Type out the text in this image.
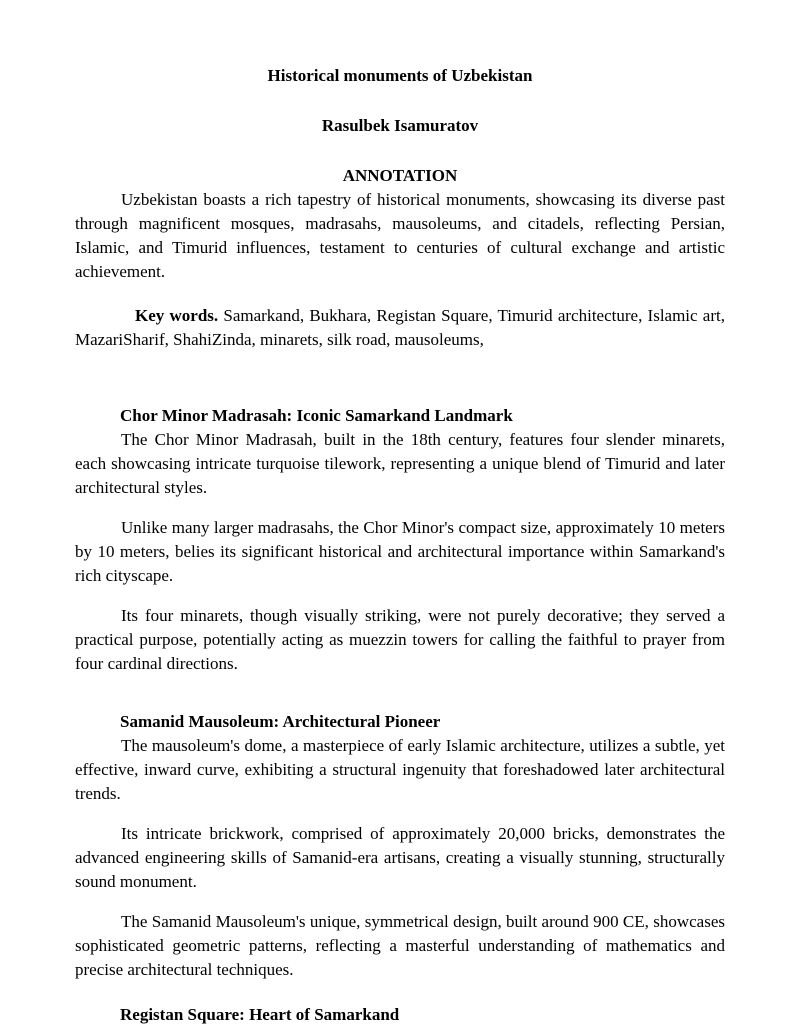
Historical monuments of Uzbekistan

Rasulbek Isamuratov

ANNOTATION

Uzbekistan boasts a rich tapestry of historical monuments, showcasing its diverse past through magnificent mosques, madrasahs, mausoleums, and citadels, reflecting Persian, Islamic, and Timurid influences, testament to centuries of cultural exchange and artistic achievement.

Key words. Samarkand, Bukhara, Registan Square, Timurid architecture, Islamic art, MazariSharif, ShahiZinda, minarets, silk road, mausoleums,

Chor Minor Madrasah: Iconic Samarkand Landmark

The Chor Minor Madrasah, built in the 18th century, features four slender minarets, each showcasing intricate turquoise tilework, representing a unique blend of Timurid and later architectural styles.

Unlike many larger madrasahs, the Chor Minor's compact size, approximately 10 meters by 10 meters, belies its significant historical and architectural importance within Samarkand's rich cityscape.

Its four minarets, though visually striking, were not purely decorative; they served a practical purpose, potentially acting as muezzin towers for calling the faithful to prayer from four cardinal directions.

Samanid Mausoleum: Architectural Pioneer

The mausoleum's dome, a masterpiece of early Islamic architecture, utilizes a subtle, yet effective, inward curve, exhibiting a structural ingenuity that foreshadowed later architectural trends.

Its intricate brickwork, comprised of approximately 20,000 bricks, demonstrates the advanced engineering skills of Samanid-era artisans, creating a visually stunning, structurally sound monument.

The Samanid Mausoleum's unique, symmetrical design, built around 900 CE, showcases sophisticated geometric patterns, reflecting a masterful understanding of mathematics and precise architectural techniques.

Registan Square: Heart of Samarkand
